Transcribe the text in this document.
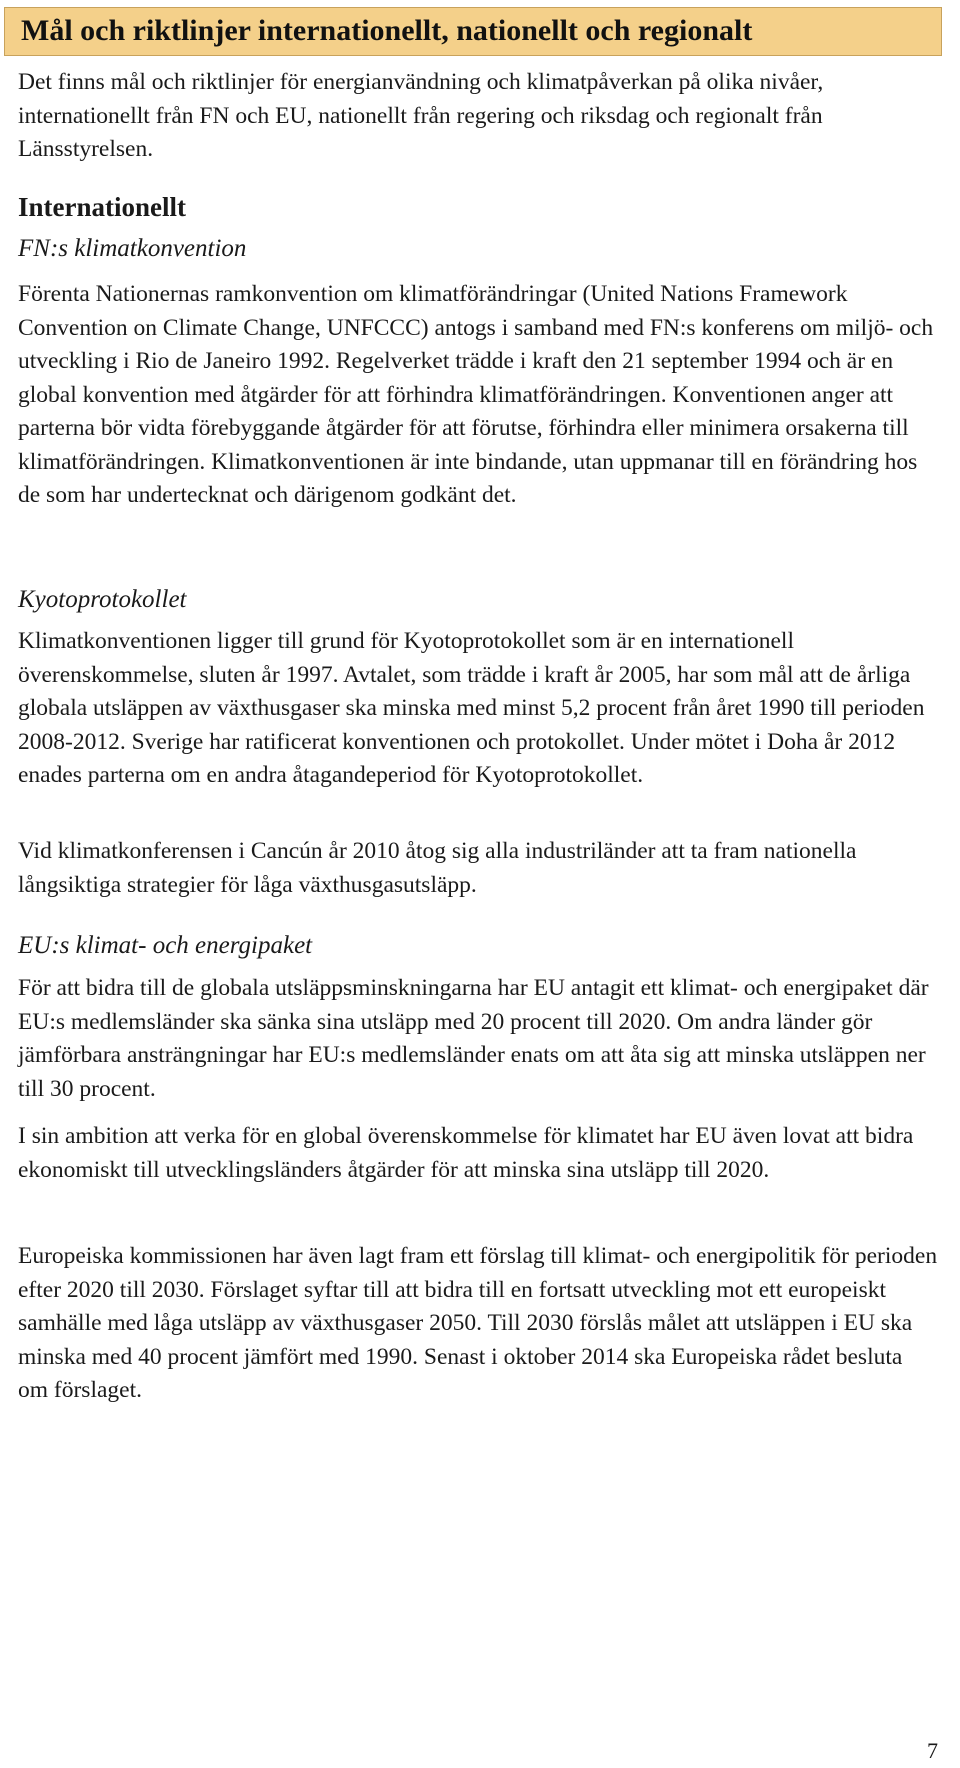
Mål och riktlinjer internationellt, nationellt och regionalt

Det finns mål och riktlinjer för energianvändning och klimatpåverkan på olika nivåer, internationellt från FN och EU, nationellt från regering och riksdag och regionalt från Länsstyrelsen.

Internationellt
FN:s klimatkonvention

Förenta Nationernas ramkonvention om klimatförändringar (United Nations Framework Convention on Climate Change, UNFCCC) antogs i samband med FN:s konferens om miljö- och utveckling i Rio de Janeiro 1992. Regelverket trädde i kraft den 21 september 1994 och är en global konvention med åtgärder för att förhindra klimatförändringen. Konventionen anger att parterna bör vidta förebyggande åtgärder för att förutse, förhindra eller minimera orsakerna till klimatförändringen. Klimatkonventionen är inte bindande, utan uppmanar till en förändring hos de som har undertecknat och därigenom godkänt det.

Kyotoprotokollet

Klimatkonventionen ligger till grund för Kyotoprotokollet som är en internationell överenskommelse, sluten år 1997. Avtalet, som trädde i kraft år 2005, har som mål att de årliga globala utsläppen av växthusgaser ska minska med minst 5,2 procent från året 1990 till perioden 2008-2012. Sverige har ratificerat konventionen och protokollet. Under mötet i Doha år 2012 enades parterna om en andra åtagandeperiod för Kyotoprotokollet.

Vid klimatkonferensen i Cancún år 2010 åtog sig alla industriländer att ta fram nationella långsiktiga strategier för låga växthusgasutsläpp.

EU:s klimat- och energipaket

För att bidra till de globala utsläppsminskningarna har EU antagit ett klimat- och energipaket där EU:s medlemsländer ska sänka sina utsläpp med 20 procent till 2020. Om andra länder gör jämförbara ansträngningar har EU:s medlemsländer enats om att åta sig att minska utsläppen ner till 30 procent.

I sin ambition att verka för en global överenskommelse för klimatet har EU även lovat att bidra ekonomiskt till utvecklingsländers åtgärder för att minska sina utsläpp till 2020.

Europeiska kommissionen har även lagt fram ett förslag till klimat- och energipolitik för perioden efter 2020 till 2030. Förslaget syftar till att bidra till en fortsatt utveckling mot ett europeiskt samhälle med låga utsläpp av växthusgaser 2050. Till 2030 förslås målet att utsläppen i EU ska minska med 40 procent jämfört med 1990. Senast i oktober 2014 ska Europeiska rådet besluta om förslaget.

7
